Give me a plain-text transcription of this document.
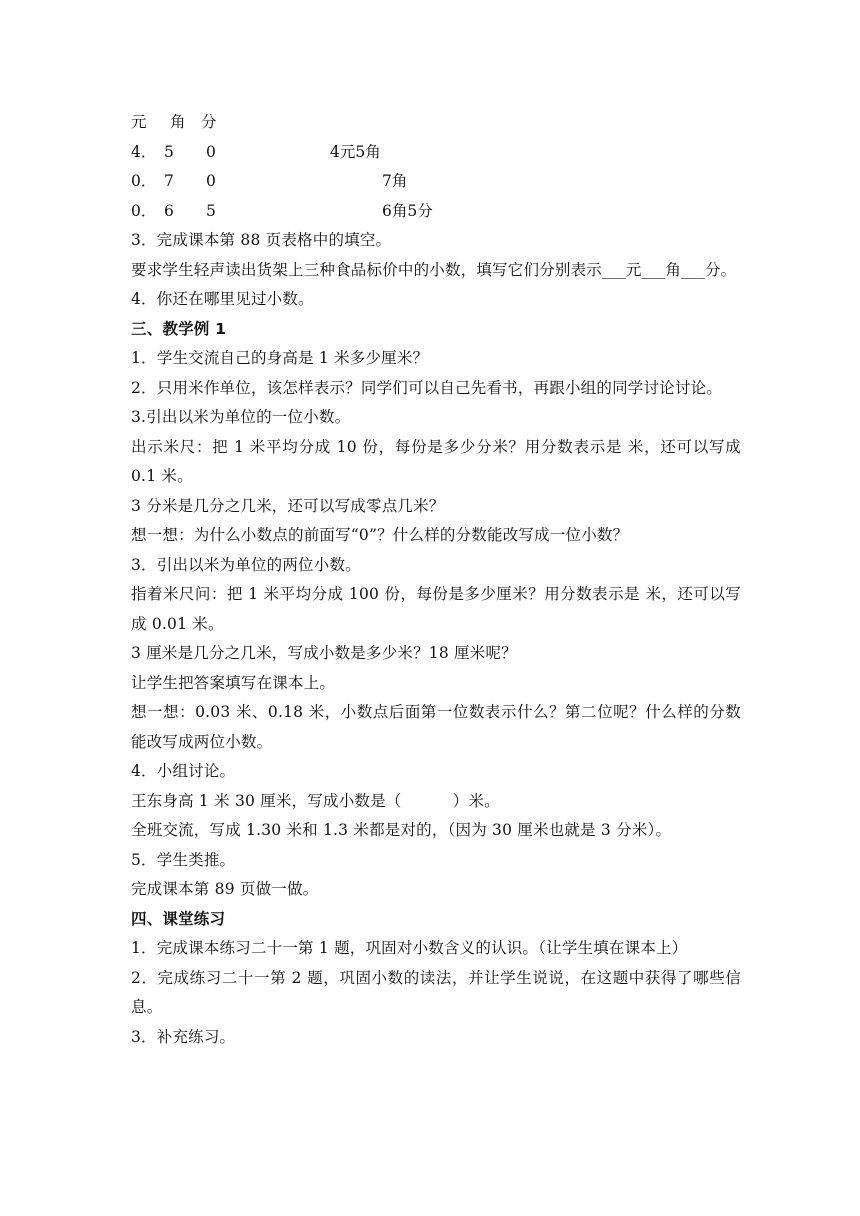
元 角 分
4． 5 0	4元5角
0． 7 0	7角
0． 6 5	6角5分
3．完成课本第 88 页表格中的填空。
要求学生轻声读出货架上三种食品标价中的小数，填写它们分别表示___元___角___分。
4．你还在哪里见过小数。
三、教学例 1
1．学生交流自己的身高是 1 米多少厘米？
2．只用米作单位，该怎样表示？同学们可以自己先看书，再跟小组的同学讨论讨论。
3.引出以米为单位的一位小数。
出示米尺：把 1 米平均分成 10 份，每份是多少分米？用分数表示是 米，还可以写成 0.1 米。
3 分米是几分之几米，还可以写成零点几米？
想一想：为什么小数点的前面写“0”？什么样的分数能改写成一位小数？
3．引出以米为单位的两位小数。
指着米尺问：把 1 米平均分成 100 份，每份是多少厘米？用分数表示是 米，还可以写成 0.01 米。
3 厘米是几分之几米，写成小数是多少米？18 厘米呢？
让学生把答案填写在课本上。
想一想：0.03 米、0.18 米，小数点后面第一位数表示什么？第二位呢？什么样的分数能改写成两位小数。
4．小组讨论。
王东身高 1 米 30 厘米，写成小数是（          ）米。
全班交流，写成 1.30 米和 1.3 米都是对的，（因为 30 厘米也就是 3 分米）。
5．学生类推。
完成课本第 89 页做一做。
四、课堂练习
1．完成课本练习二十一第 1 题，巩固对小数含义的认识。（让学生填在课本上）
2．完成练习二十一第 2 题，巩固小数的读法，并让学生说说，在这题中获得了哪些信息。
3．补充练习。
